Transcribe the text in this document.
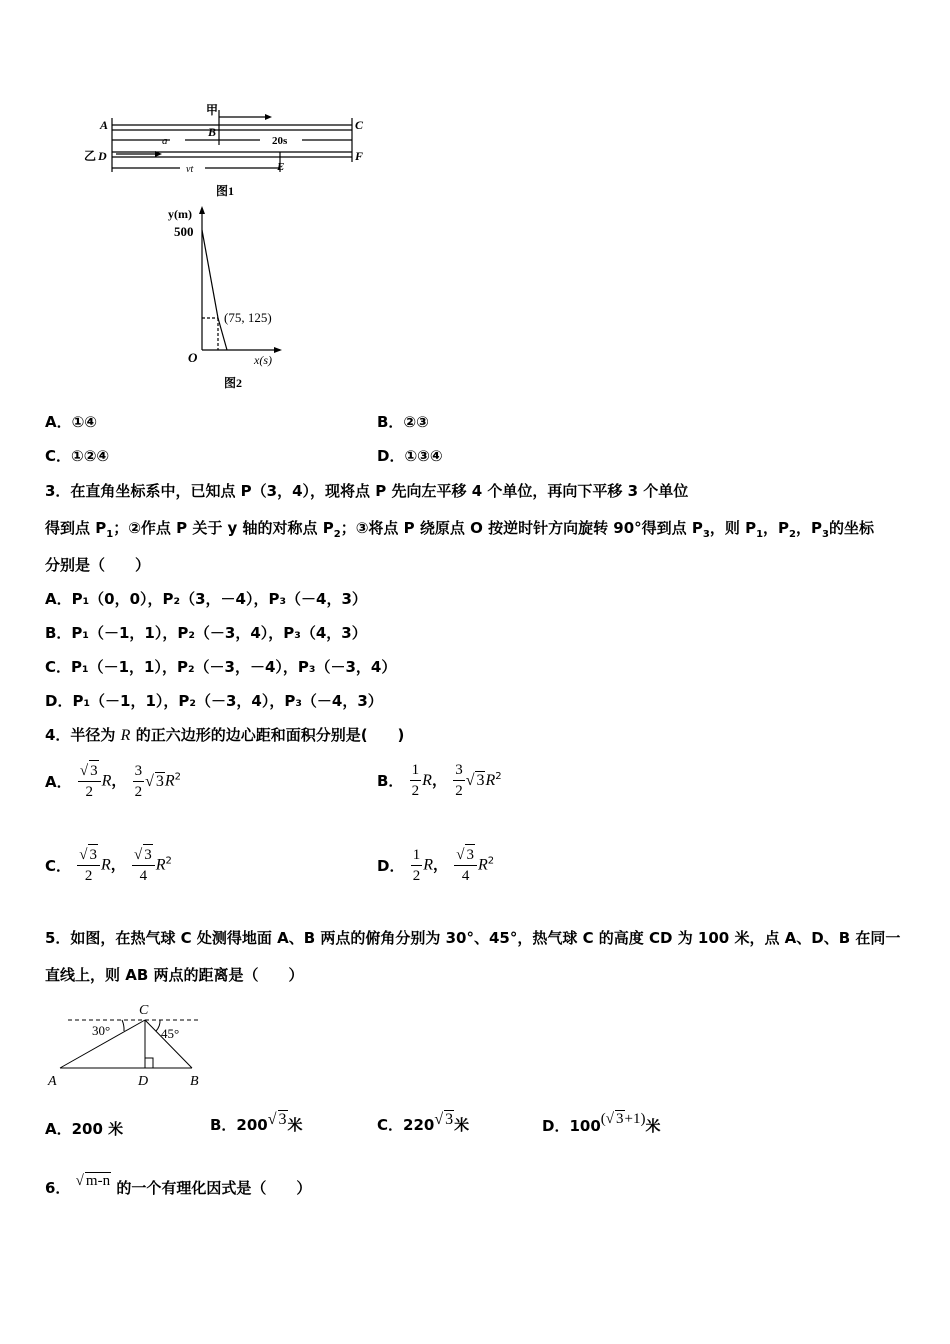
甲
A	B	C
乙 D
E
F
a	20s
vt
图1
y(m)
500
(75, 125)
O	x(s)
图2
A．①④	B．②③
C．①②④	D．①③④
3．在直角坐标系中，已知点 P（3，4），现将点 P 先向左平移 4 个单位，再向下平移 3 个单位
得到点 $P_1$；②作点 P 关于 y 轴的对称点 $P_2$；③将点 P 绕原点 O 按逆时针方向旋转 90°得到点 $P_3$，则 $P_1$，$P_2$，$P_3$的坐标
分别是（　　）
A．P₁（0，0），P₂（3，－4），P₃（－4，3）
B．P₁（－1，1），P₂（－3，4），P₃（4，3）
C．P₁（－1，1），P₂（－3，－4），P₃（－3，4）
D．P₁（－1，1），P₂（－3，4），P₃（－4，3）
4．半径为 R 的正六边形的边心距和面积分别是(　　)
A． $\frac{√ 3}{2}$ R， $\frac{3}{2}$ √ $3R^2$	B． $\frac{1}{2}$ R， $\frac{3}{2}$ √ $3R^2$
C． $\frac{√ 3}{2}$ R， $\frac{√ 3}{4} R^2$	D． $\frac{1}{2}$ R， $\frac{√ 3}{4} R^2$
5．如图，在热气球 C 处测得地面 A、B 两点的俯角分别为 30°、45°，热气球 C 的高度 CD 为 100 米，点 A、D、B 在同一
直线上，则 AB 两点的距离是（　　）
C
30°	45°
A	D	B
A．200 米	B．200√ 3米	C．220√ 3米	D．100(√ 3+1)米
6． √ m-n 的一个有理化因式是（　　）
